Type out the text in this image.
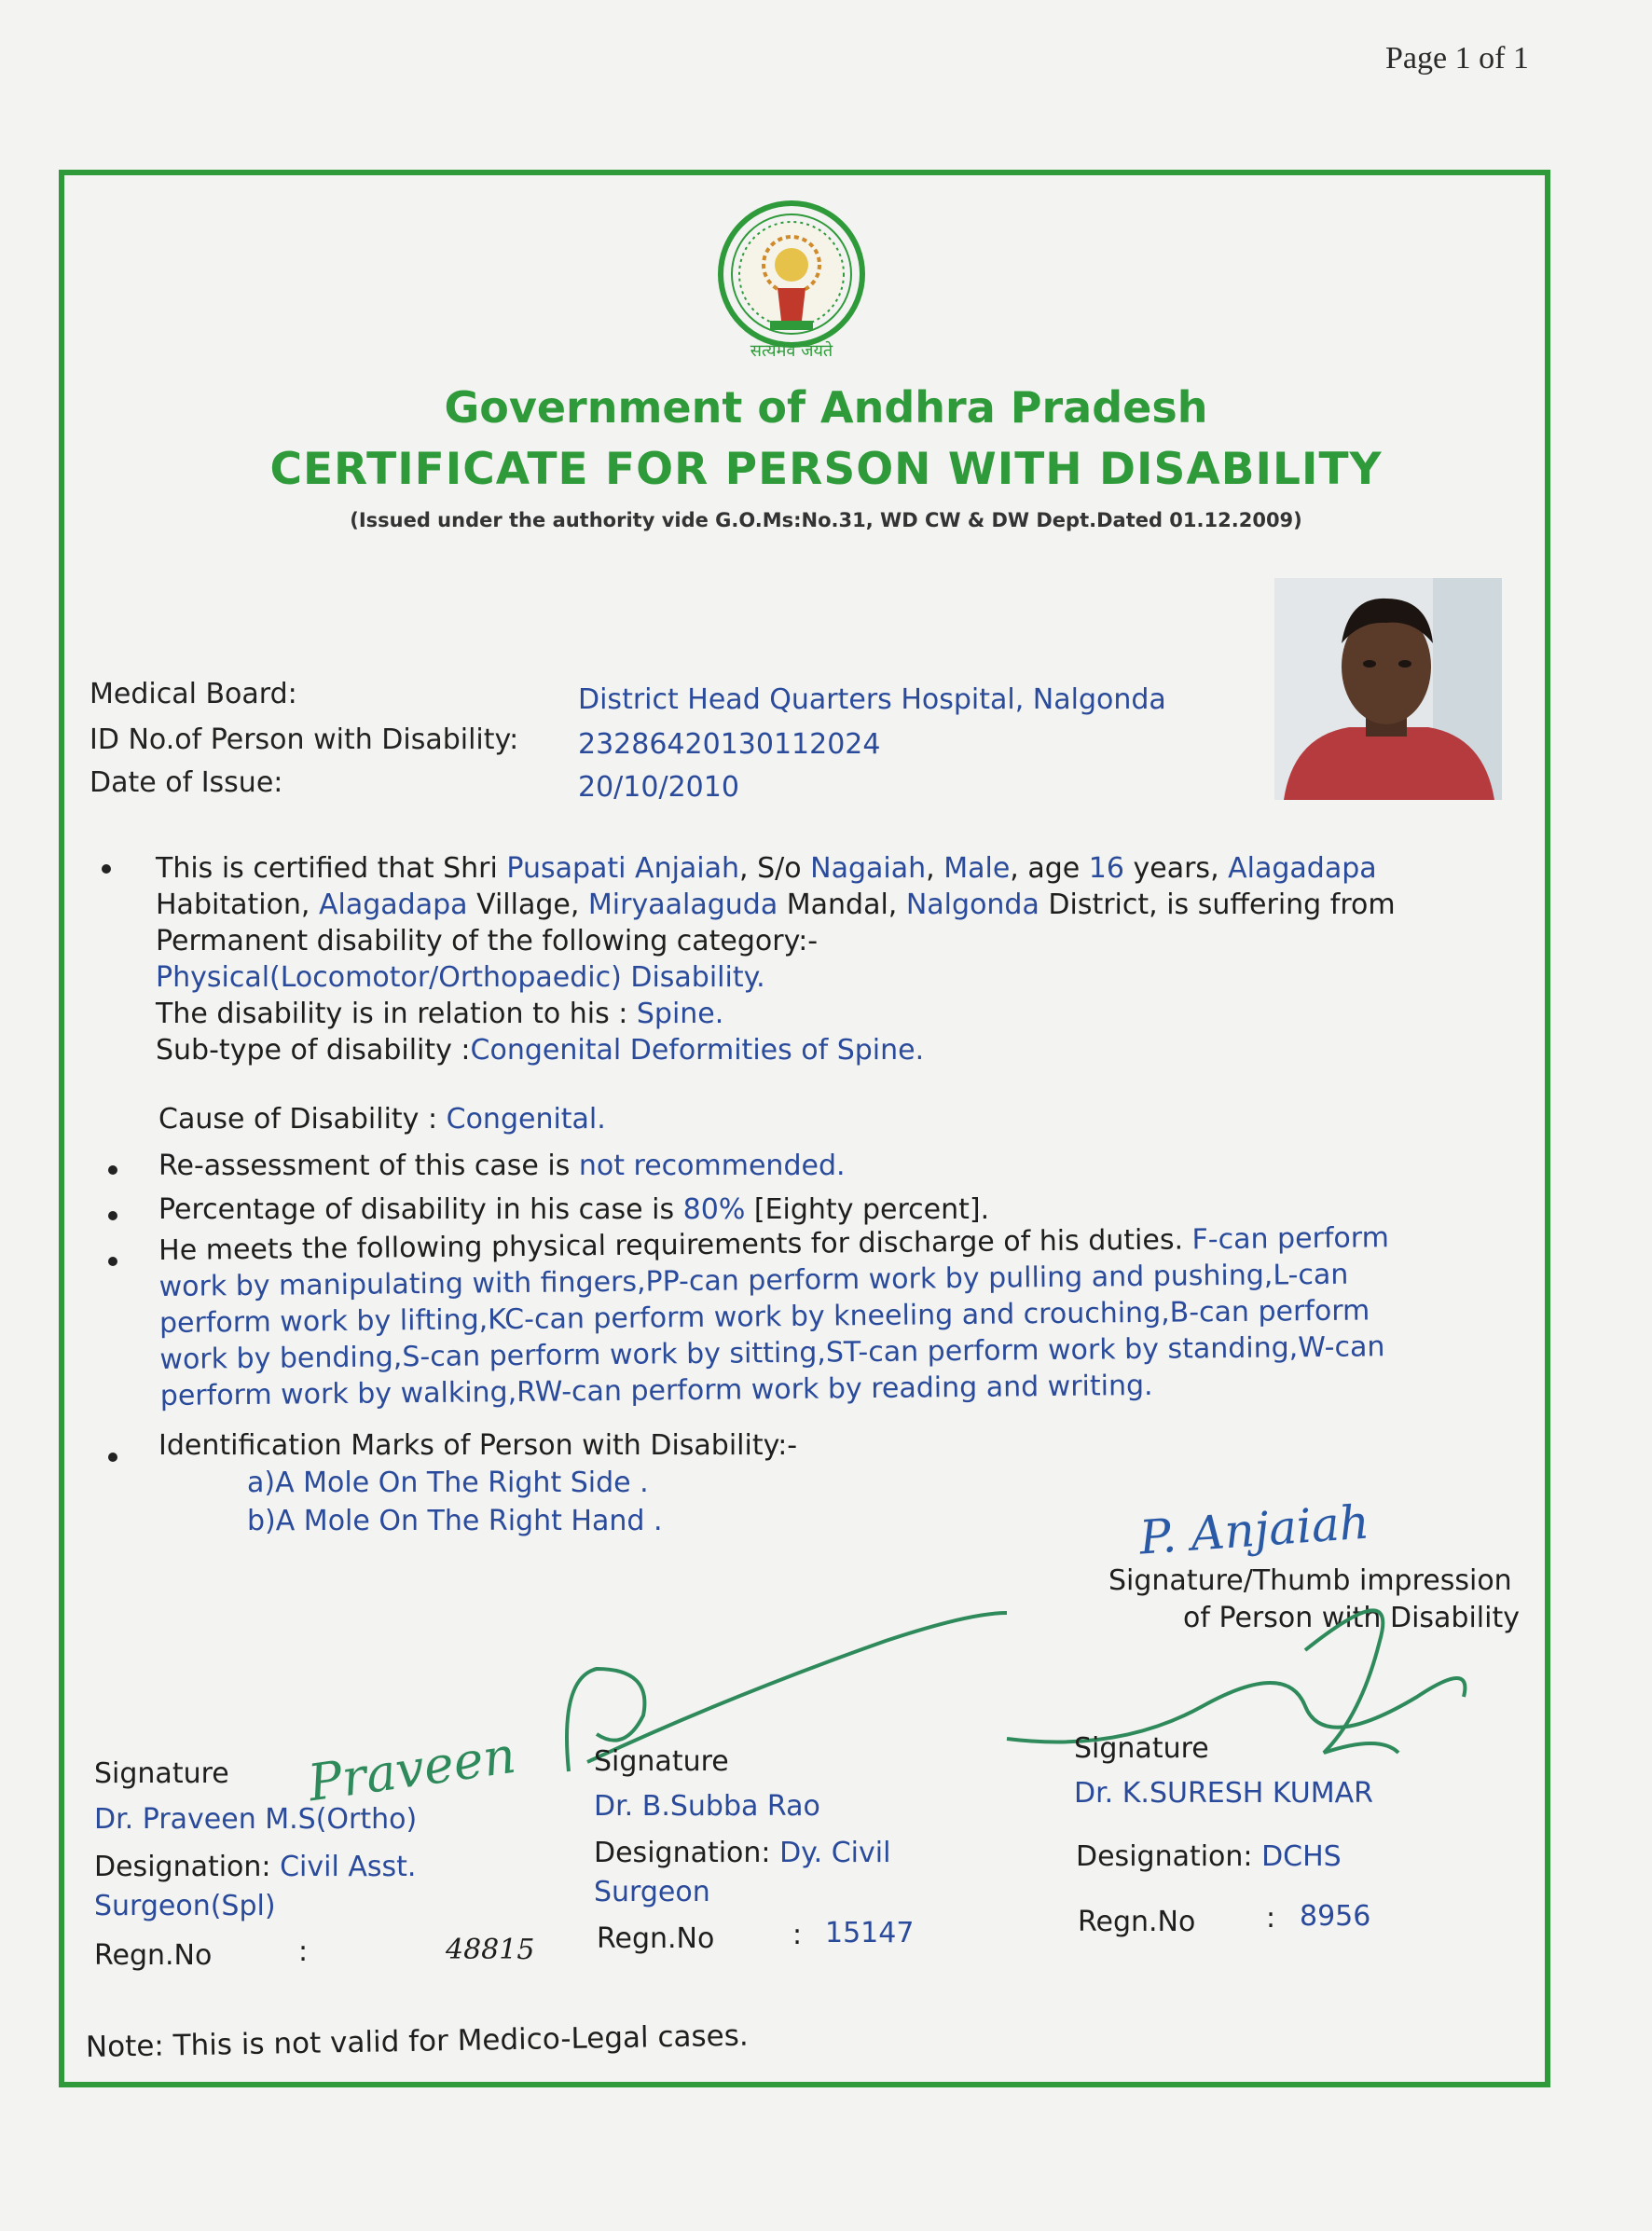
Page 1 of 1
सत्यमेव जयते
Government of Andhra Pradesh
CERTIFICATE FOR PERSON WITH DISABILITY
(Issued under the authority vide G.O.Ms:No.31, WD CW & DW Dept.Dated 01.12.2009)
Medical Board:	District Head Quarters Hospital, Nalgonda
ID No.of Person with Disability: 23286420130112024
Date of Issue:	20/10/2010
This is certified that Shri Pusapati Anjaiah, S/o Nagaiah, Male, age 16 years, Alagadapa
Habitation, Alagadapa Village, Miryaalaguda Mandal, Nalgonda District, is suffering from
Permanent disability of the following category:-
Physical(Locomotor/Orthopaedic) Disability.
The disability is in relation to his : Spine.
Sub-type of disability :Congenital Deformities of Spine.
Cause of Disability : Congenital.
Re-assessment of this case is not recommended.
Percentage of disability in his case is 80% [Eighty percent].
He meets the following physical requirements for discharge of his duties. F-can perform
work by manipulating with fingers,PP-can perform work by pulling and pushing,L-can
perform work by lifting,KC-can perform work by kneeling and crouching,B-can perform
work by bending,S-can perform work by sitting,ST-can perform work by standing,W-can
perform work by walking,RW-can perform work by reading and writing.
Identification Marks of Person with Disability:-
a)A Mole On The Right Side .
b)A Mole On The Right Hand .	P. Anjaiah
Signature/Thumb impression
of Person with Disability
Praveen
Signature
Dr. Praveen M.S(Ortho)
Designation: Civil Asst.
Surgeon(Spl)
Regn.No	:	48815
Signature
Dr. B.Subba Rao
Designation: Dy. Civil
Surgeon
Regn.No	: 15147
Signature
Dr. K.SURESH KUMAR
Designation: DCHS
Regn.No	: 8956
Note: This is not valid for Medico-Legal cases.
